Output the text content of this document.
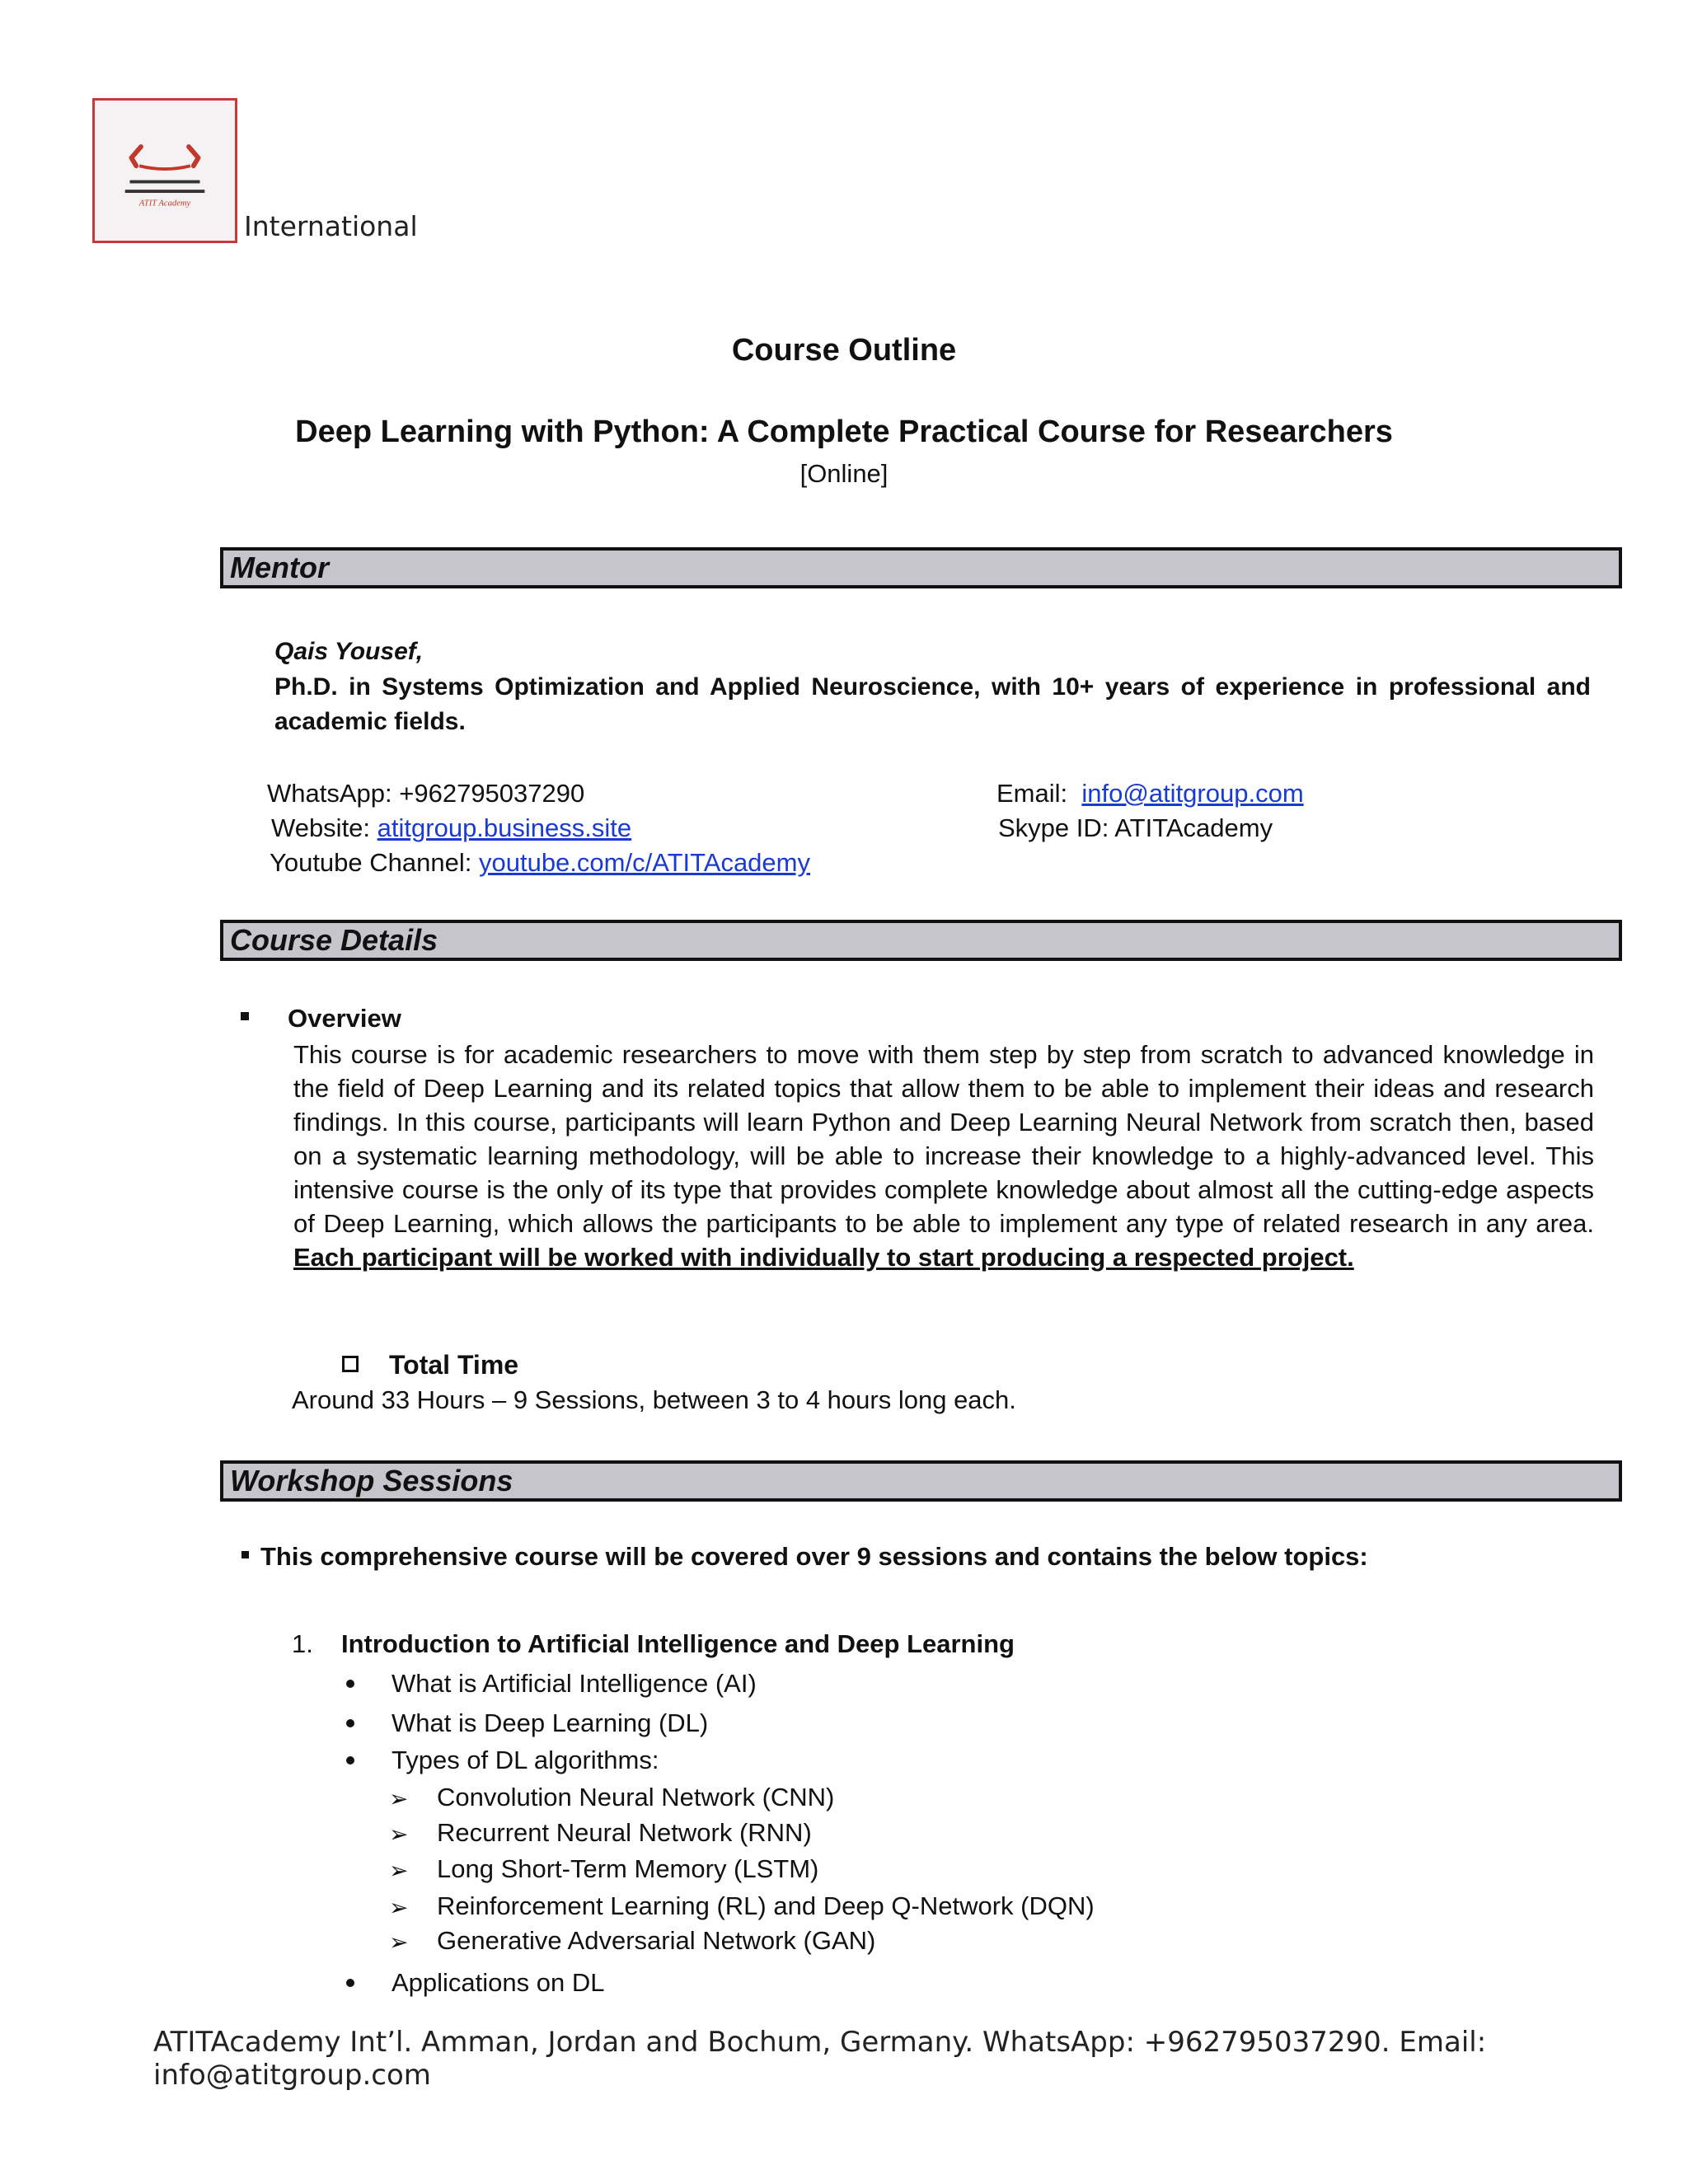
ATIT Academy
International
Course Outline
Deep Learning with Python: A Complete Practical Course for Researchers
[Online]
Mentor
Qais Yousef,
Ph.D. in Systems Optimization and Applied Neuroscience, with 10+ years of experience in professional and academic fields.
WhatsApp: +962795037290
Website: atitgroup.business.site
Youtube Channel: youtube.com/c/ATITAcademy
Email: info@atitgroup.com
Skype ID: ATITAcademy
Course Details
Overview
This course is for academic researchers to move with them step by step from scratch to advanced knowledge in the field of Deep Learning and its related topics that allow them to be able to implement their ideas and research findings. In this course, participants will learn Python and Deep Learning Neural Network from scratch then, based on a systematic learning methodology, will be able to increase their knowledge to a highly-advanced level. This intensive course is the only of its type that provides complete knowledge about almost all the cutting-edge aspects of Deep Learning, which allows the participants to be able to implement any type of related research in any area. Each participant will be worked with individually to start producing a respected project.
Total Time
Around 33 Hours – 9 Sessions, between 3 to 4 hours long each.
Workshop Sessions
This comprehensive course will be covered over 9 sessions and contains the below topics:
1. Introduction to Artificial Intelligence and Deep Learning
What is Artificial Intelligence (AI)
What is Deep Learning (DL)
Types of DL algorithms:
➢ Convolution Neural Network (CNN)
➢ Recurrent Neural Network (RNN)
➢ Long Short-Term Memory (LSTM)
➢ Reinforcement Learning (RL) and Deep Q-Network (DQN)
➢ Generative Adversarial Network (GAN)
Applications on DL
ATITAcademy Int’l. Amman, Jordan and Bochum, Germany. WhatsApp: +962795037290. Email: info@atitgroup.com
